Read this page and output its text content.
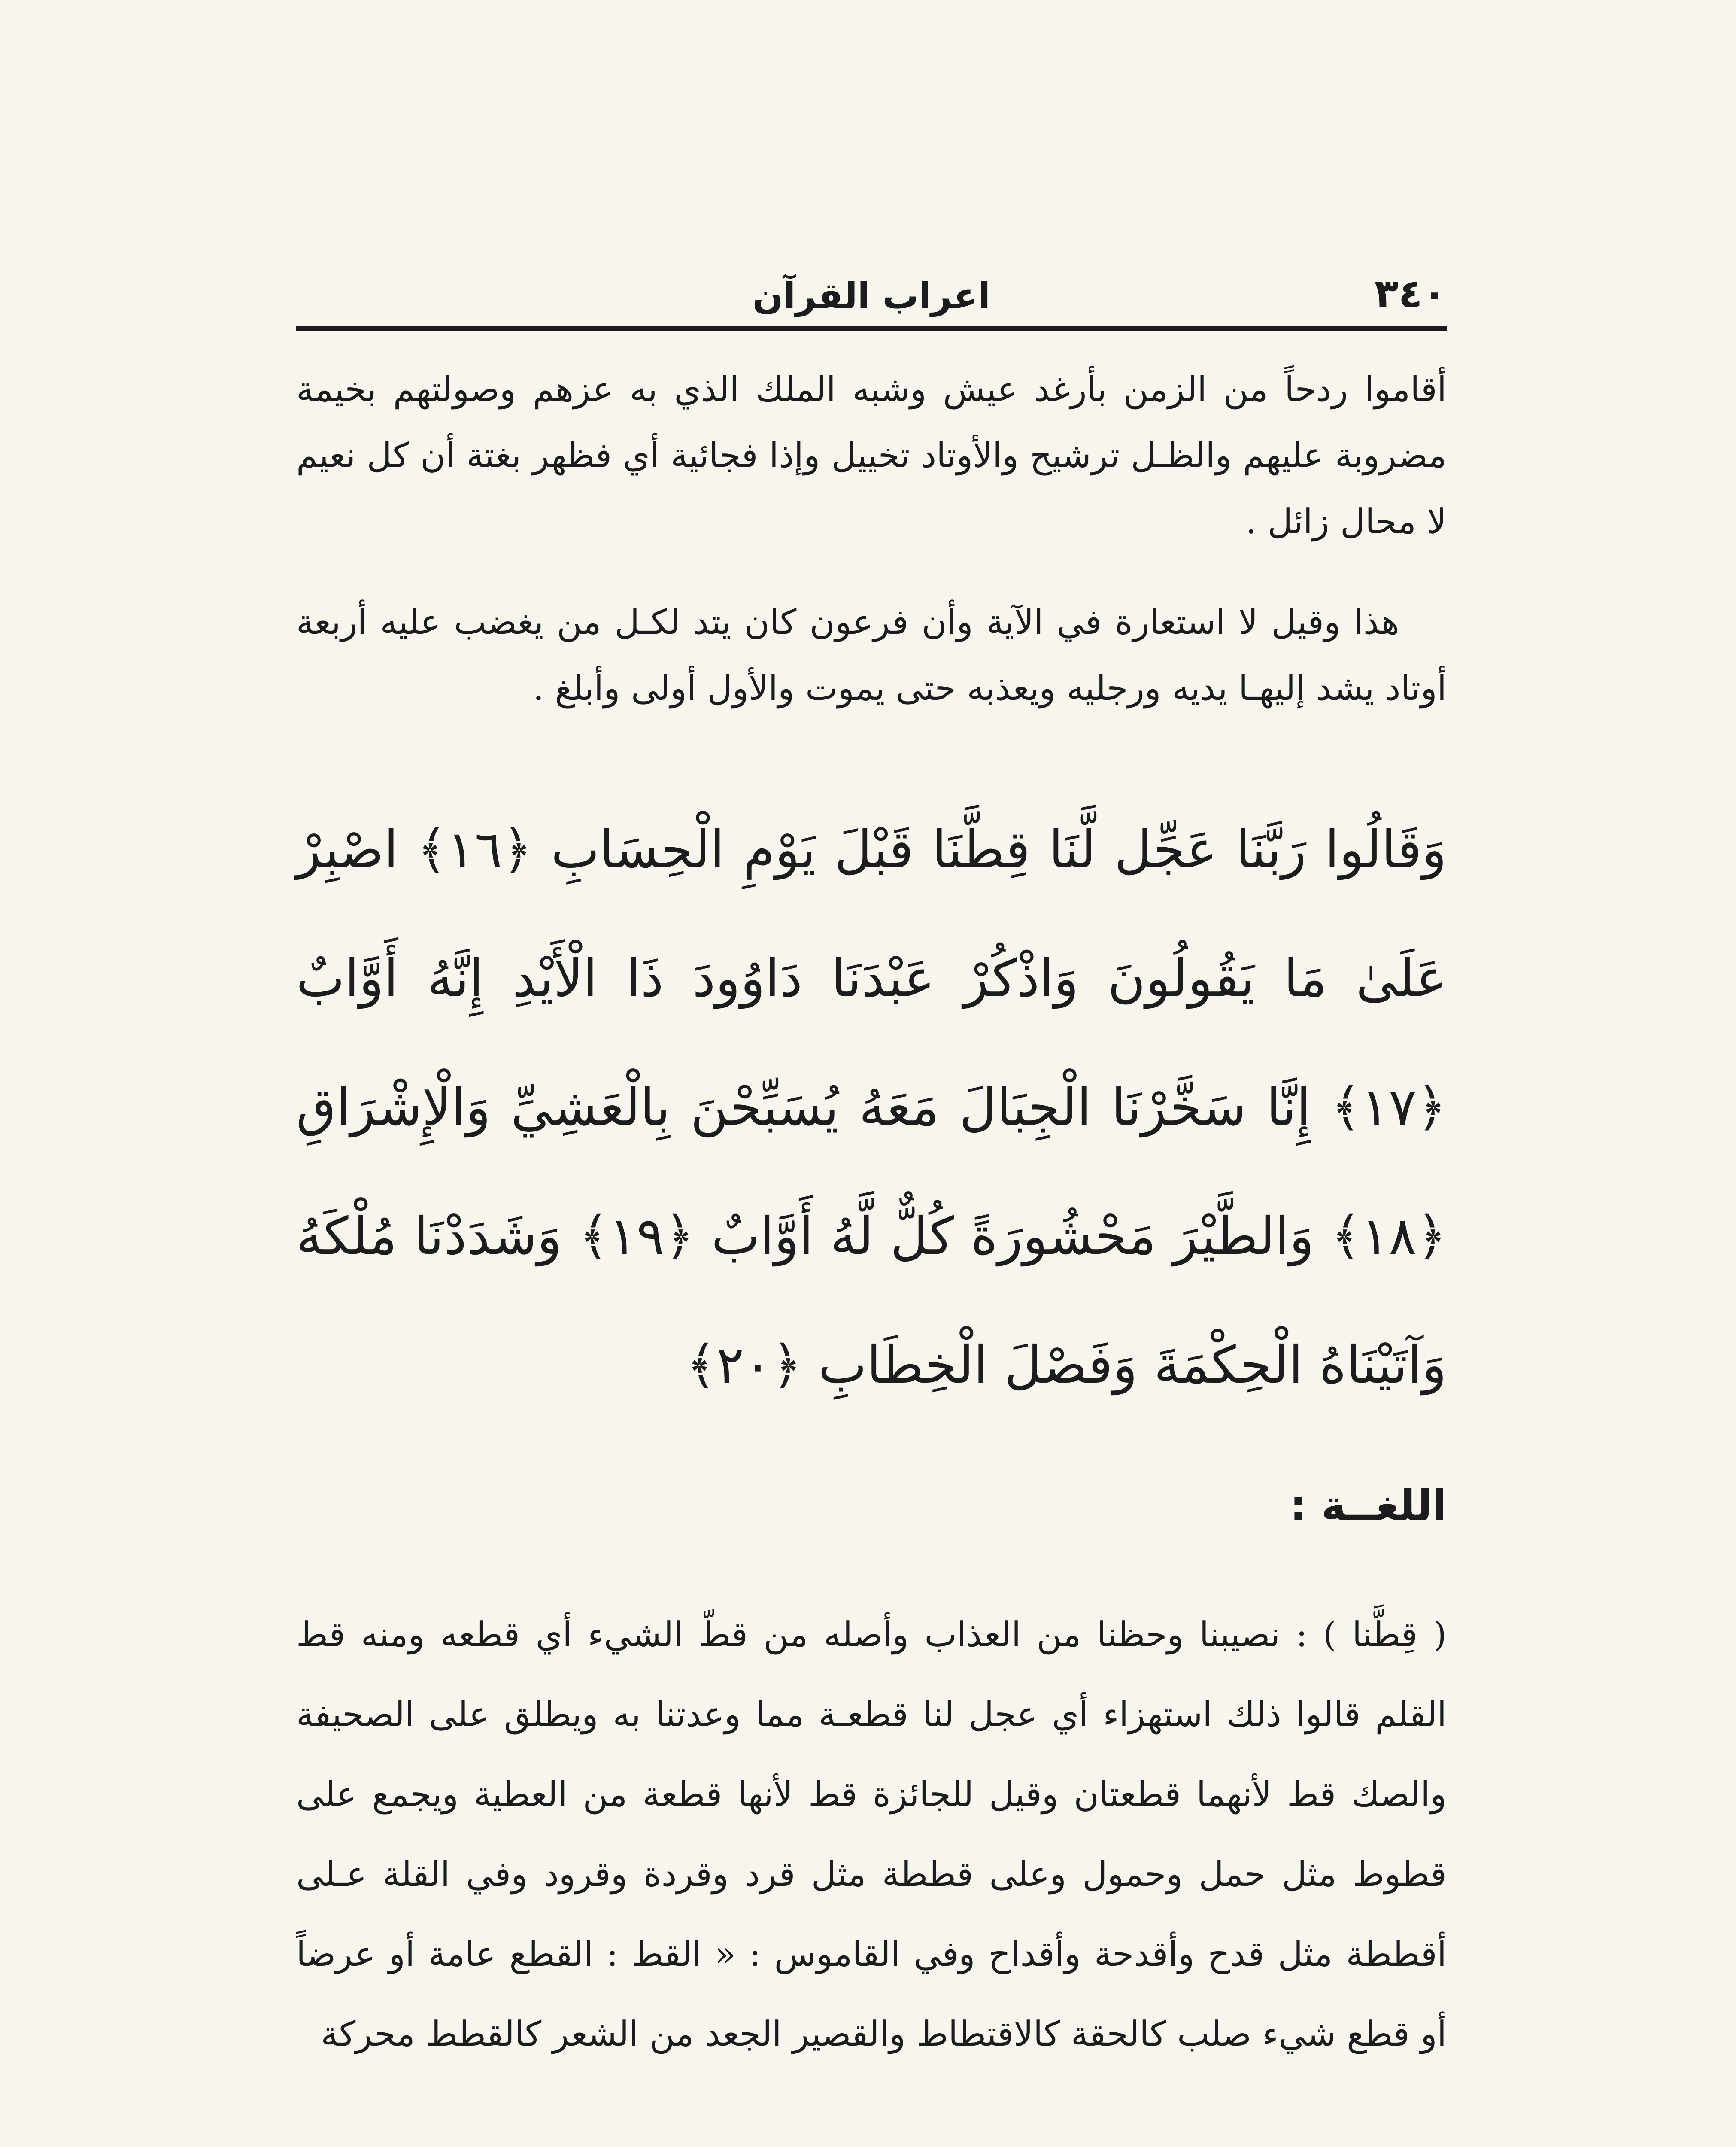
٣٤٠
اعراب القرآن

أقاموا ردحاً من الزمن بأرغد عيش وشبه الملك الذي به عزهم وصولتهم بخيمة مضروبة عليهم والظـل ترشيح والأوتاد تخييل وإذا فجائية أي فظهر بغتة أن كل نعيم لا محال زائل .

هذا وقيل لا استعارة في الآية وأن فرعون كان يتد لكـل من يغضب عليه أربعة أوتاد يشد إليهـا يديه ورجليه ويعذبه حتى يموت والأول أولى وأبلغ .

وَقَالُوا رَبَّنَا عَجِّل لَّنَا قِطَّنَا قَبْلَ يَوْمِ الْحِسَابِ ﴿١٦﴾ اصْبِرْ عَلَىٰ مَا يَقُولُونَ وَاذْكُرْ عَبْدَنَا دَاوُودَ ذَا الْأَيْدِ إِنَّهُ أَوَّابٌ ﴿١٧﴾ إِنَّا سَخَّرْنَا الْجِبَالَ مَعَهُ يُسَبِّحْنَ بِالْعَشِيِّ وَالْإِشْرَاقِ ﴿١٨﴾ وَالطَّيْرَ مَحْشُورَةً كُلٌّ لَّهُ أَوَّابٌ ﴿١٩﴾ وَشَدَدْنَا مُلْكَهُ وَآتَيْنَاهُ الْحِكْمَةَ وَفَصْلَ الْخِطَابِ ﴿٢٠﴾
اللغــة :

( قِطَّنا ) : نصيبنا وحظنا من العذاب وأصله من قطّ الشيء أي قطعه ومنه قط القلم قالوا ذلك استهزاء أي عجل لنا قطعـة مما وعدتنا به ويطلق على الصحيفة والصك قط لأنهما قطعتان وقيل للجائزة قط لأنها قطعة من العطية ويجمع على قطوط مثل حمل وحمول وعلى قططة مثل قرد وقردة وقرود وفي القلة عـلى أقططة مثل قدح وأقدحة وأقداح وفي القاموس : « القط : القطع عامة أو عرضاً أو قطع شيء صلب كالحقة كالاقتطاط والقصير الجعد من الشعر كالقطط محركة
